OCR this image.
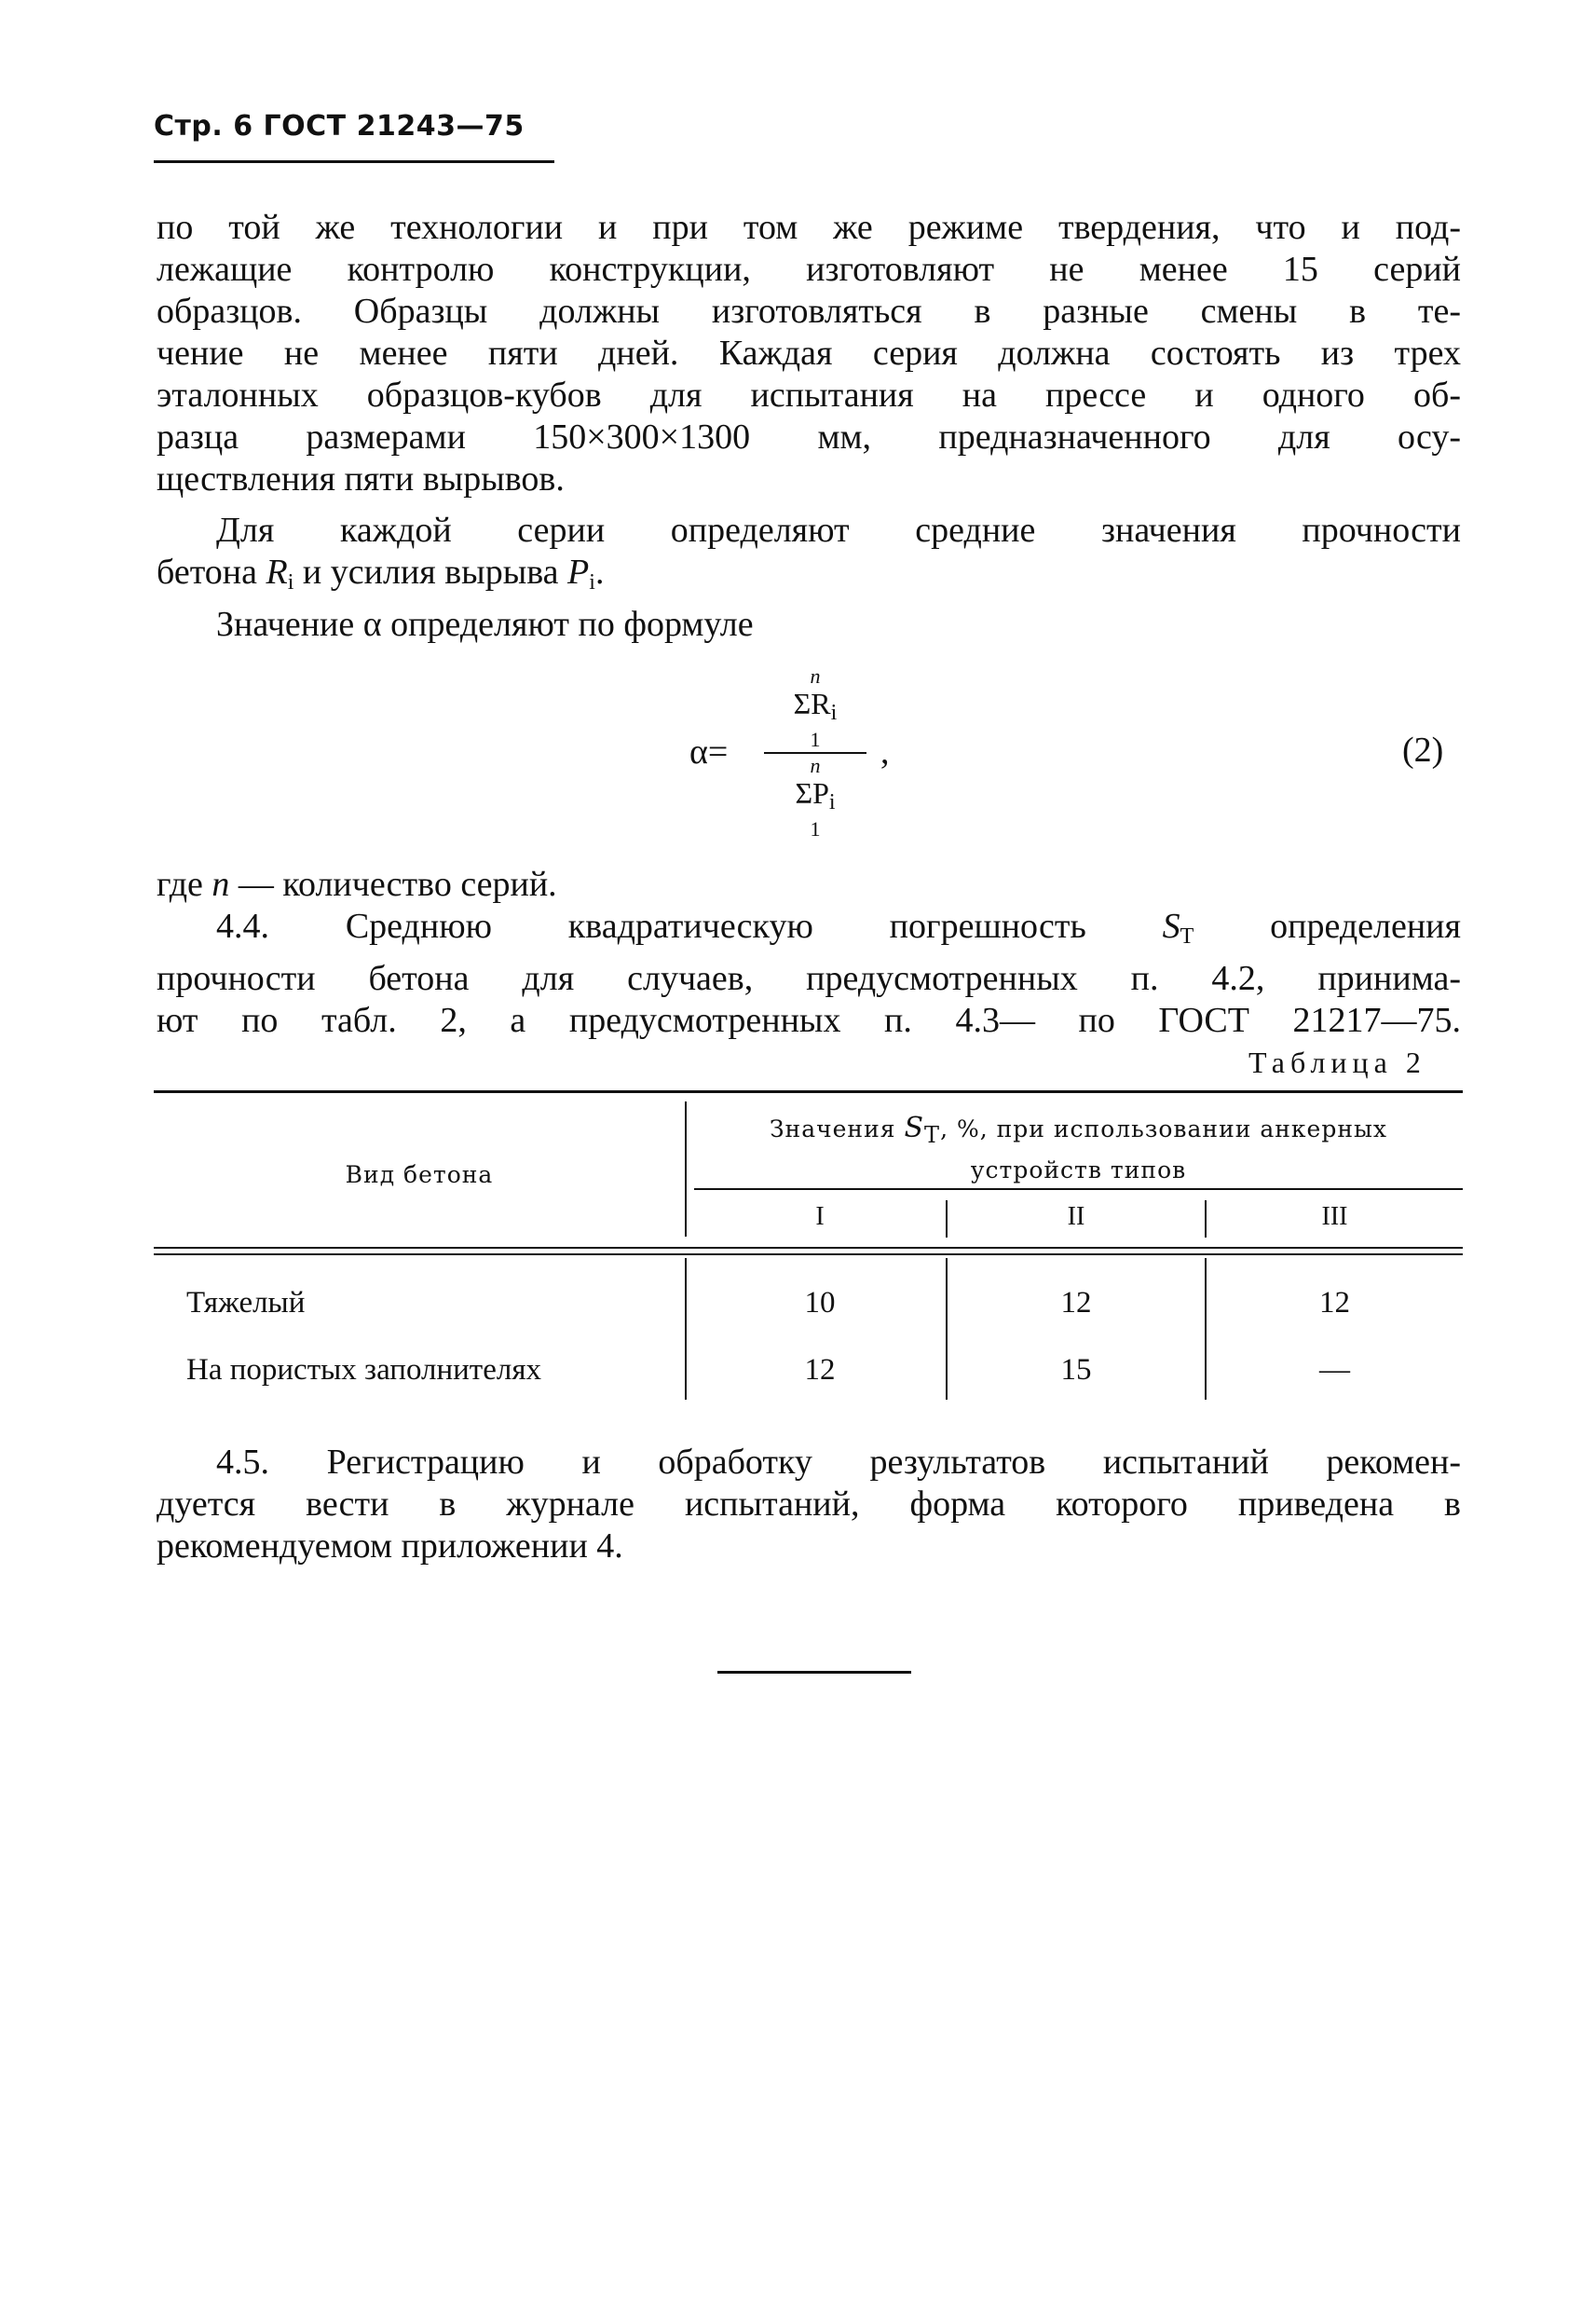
Стр. 6 ГОСТ 21243—75
по той же технологии и при том же режиме твердения, что и под-
лежащие контролю конструкции, изготовляют не менее 15 серий
образцов. Образцы должны изготовляться в разные смены в те-
чение не менее пяти дней. Каждая серия должна состоять из трех
эталонных образцов-кубов для испытания на прессе и одного об-
разца размерами 150×300×1300 мм, предназначенного для осу-
ществления пяти вырывов.
Для каждой серии определяют средние значения прочности
бетона $R_i$ и усилия вырыва $P_i$.
Значение α определяют по формуле
α=
n
$\Sigma R_i$
1
n
$\Sigma P_i$
1
,	(2)
где n — количество серий.
4.4. Среднюю квадратическую погрешность $S_Т$ определения
прочности бетона для случаев, предусмотренных п. 4.2, принима-
ют по табл. 2, а предусмотренных п. 4.3— по ГОСТ 21217—75.
Таблица 2
Вид бетона
Значения SТ, %, при использовании анкерных
устройств типов
I	II	III
Тяжелый	10	12	12
На пористых заполнителях	12	15	—
4.5. Регистрацию и обработку результатов испытаний рекомен-
дуется вести в журнале испытаний, форма которого приведена в
рекомендуемом приложении 4.
